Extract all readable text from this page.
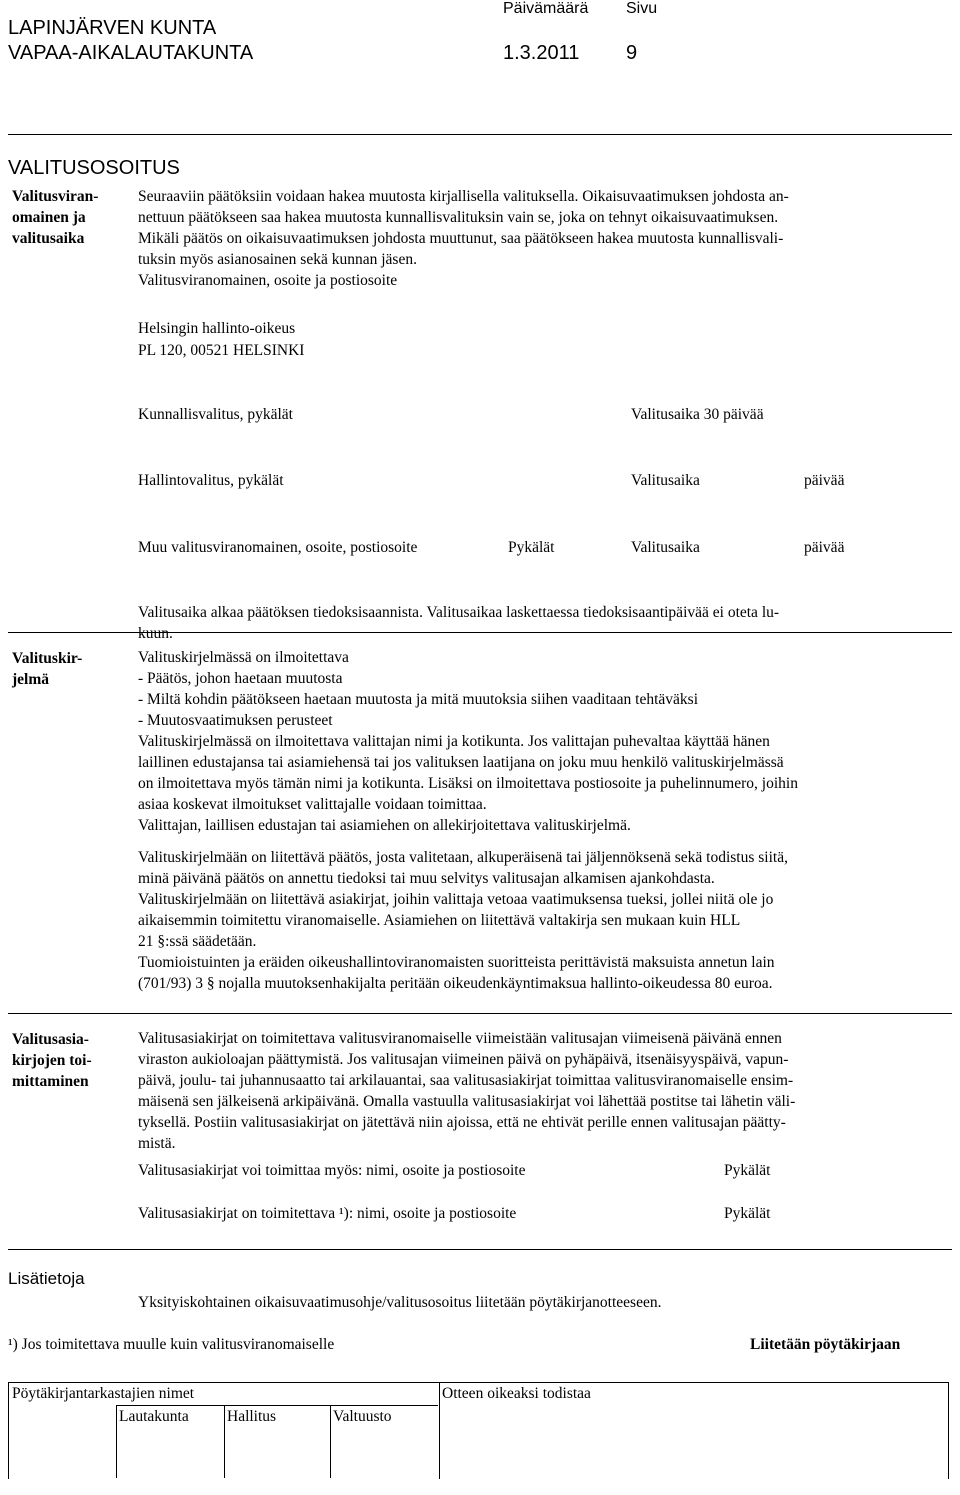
LAPINJÄRVEN KUNTA
VAPAA-AIKALAUTAKUNTA
Päivämäärä Sivu
1.3.2011 9
VALITUSOSOITUS
Valitusviran-
omainen ja
valitusaika
Seuraaviin päätöksiin voidaan hakea muutosta kirjallisella valituksella. Oikaisuvaatimuksen johdosta an-
nettuun päätökseen saa hakea muutosta kunnallisvalituksin vain se, joka on tehnyt oikaisuvaatimuksen.
Mikäli päätös on oikaisuvaatimuksen johdosta muuttunut, saa päätökseen hakea muutosta kunnallisvali-
tuksin myös asianosainen sekä kunnan jäsen.
Valitusviranomainen, osoite ja postiosoite
Helsingin hallinto-oikeus
PL 120, 00521 HELSINKI
Kunnallisvalitus, pykälät	Valitusaika 30 päivää
Hallintovalitus, pykälät	Valitusaika	päivää
Muu valitusviranomainen, osoite, postiosoite	Pykälät	Valitusaika	päivää
Valitusaika alkaa päätöksen tiedoksisaannista. Valitusaikaa laskettaessa tiedoksisaantipäivää ei oteta lu-
kuun.
Valituskir-
jelmä
Valituskirjelmässä on ilmoitettava
- Päätös, johon haetaan muutosta
- Miltä kohdin päätökseen haetaan muutosta ja mitä muutoksia siihen vaaditaan tehtäväksi
- Muutosvaatimuksen perusteet
Valituskirjelmässä on ilmoitettava valittajan nimi ja kotikunta. Jos valittajan puhevaltaa käyttää hänen
laillinen edustajansa tai asiamiehensä tai jos valituksen laatijana on joku muu henkilö valituskirjelmässä
on ilmoitettava myös tämän nimi ja kotikunta. Lisäksi on ilmoitettava postiosoite ja puhelinnumero, joihin
asiaa koskevat ilmoitukset valittajalle voidaan toimittaa.
Valittajan, laillisen edustajan tai asiamiehen on allekirjoitettava valituskirjelmä.
Valituskirjelmään on liitettävä päätös, josta valitetaan, alkuperäisenä tai jäljennöksenä sekä todistus siitä,
minä päivänä päätös on annettu tiedoksi tai muu selvitys valitusajan alkamisen ajankohdasta.
Valituskirjelmään on liitettävä asiakirjat, joihin valittaja vetoaa vaatimuksensa tueksi, jollei niitä ole jo
aikaisemmin toimitettu viranomaiselle. Asiamiehen on liitettävä valtakirja sen mukaan kuin HLL
21 §:ssä säädetään.
Tuomioistuinten ja eräiden oikeushallintoviranomaisten suoritteista perittävistä maksuista annetun lain
(701/93) 3 § nojalla muutoksenhakijalta peritään oikeudenkäyntimaksua hallinto-oikeudessa 80 euroa.
Valitusasia-
kirjojen toi-
mittaminen
Valitusasiakirjat on toimitettava valitusviranomaiselle viimeistään valitusajan viimeisenä päivänä ennen
viraston aukioloajan päättymistä. Jos valitusajan viimeinen päivä on pyhäpäivä, itsenäisyyspäivä, vapun-
päivä, joulu- tai juhannusaatto tai arkilauantai, saa valitusasiakirjat toimittaa valitusviranomaiselle ensim-
mäisenä sen jälkeisenä arkipäivänä. Omalla vastuulla valitusasiakirjat voi lähettää postitse tai lähetin väli-
tyksellä. Postiin valitusasiakirjat on jätettävä niin ajoissa, että ne ehtivät perille ennen valitusajan päätty-
mistä.
Valitusasiakirjat voi toimittaa myös: nimi, osoite ja postiosoite	Pykälät
Valitusasiakirjat on toimitettava ¹): nimi, osoite ja postiosoite	Pykälät
Lisätietoja
Yksityiskohtainen oikaisuvaatimusohje/valitusosoitus liitetään pöytäkirjanotteeseen.
¹) Jos toimitettava muulle kuin valitusviranomaiselle	Liitetään pöytäkirjaan
Pöytäkirjantarkastajien nimet	Otteen oikeaksi todistaa
Lautakunta Hallitus	Valtuusto
